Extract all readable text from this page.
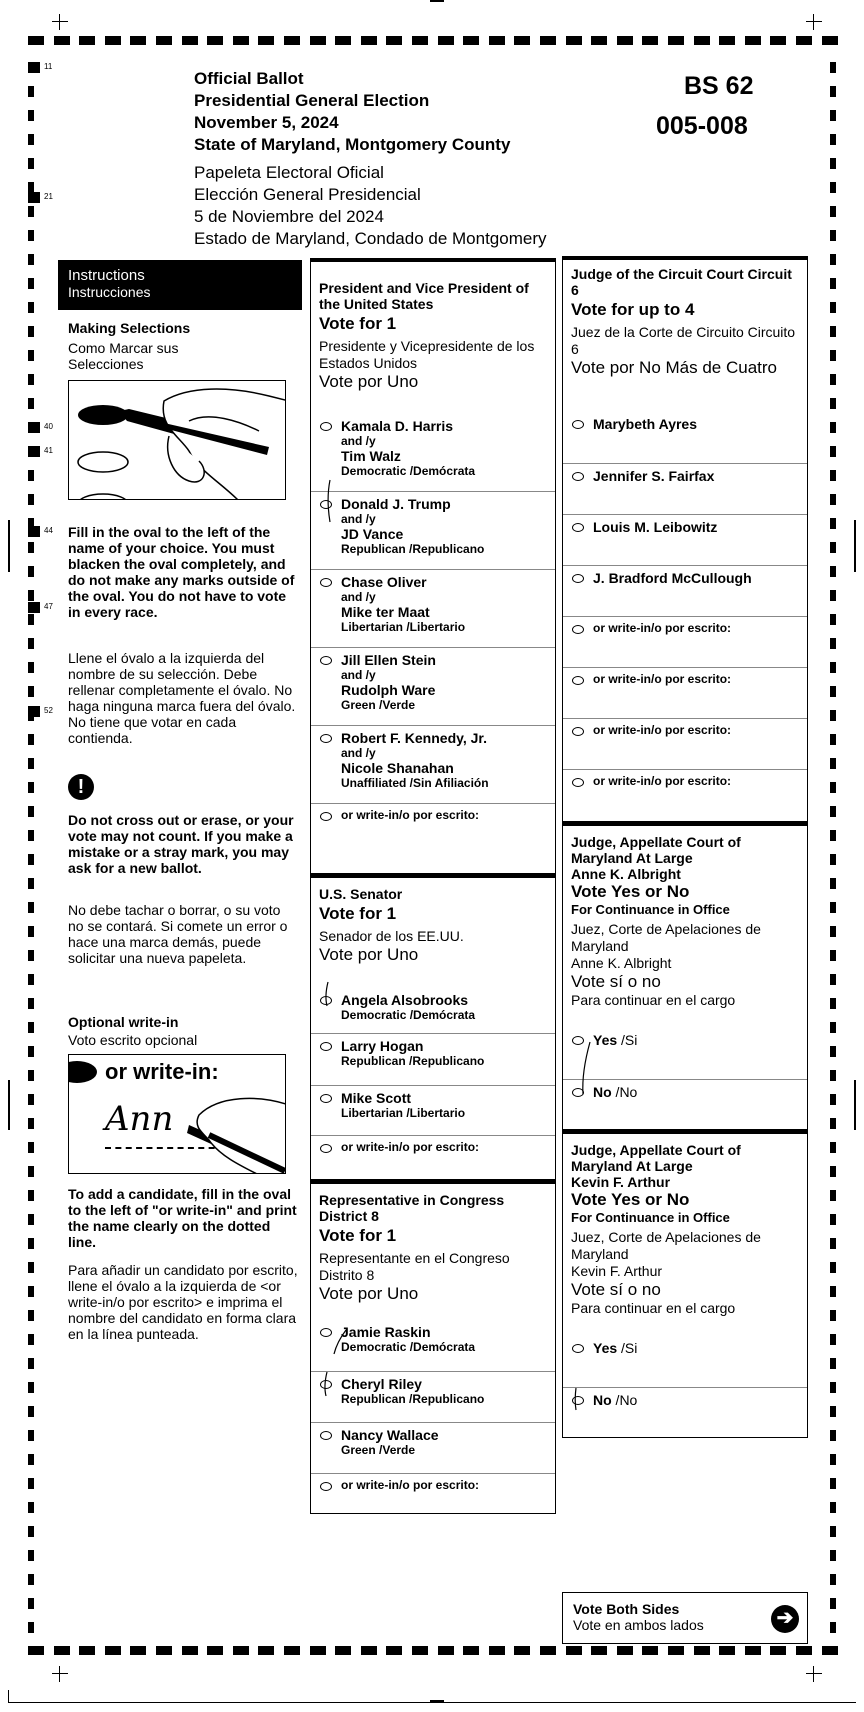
11
21
40
41
44
47
52
Official Ballot
Presidential General Election
November 5, 2024
State of Maryland, Montgomery County
Papeleta Electoral Oficial
Elección General Presidencial
5 de Noviembre del 2024
Estado de Maryland, Condado de Montgomery
BS 62
005-008
Instructions
Instrucciones
Making Selections
Como Marcar sus Selecciones
Fill in the oval to the left of the name of your choice. You must blacken the oval completely, and do not make any marks outside of the oval. You do not have to vote in every race.
Llene el óvalo a la izquierda del nombre de su selección. Debe rellenar completamente el óvalo. No haga ninguna marca fuera del óvalo. No tiene que votar en cada contienda.
!
Do not cross out or erase, or your vote may not count. If you make a mistake or a stray mark, you may ask for a new ballot.
No debe tachar o borrar, o su voto no se contará. Si comete un error o hace una marca demás, puede solicitar una nueva papeleta.
Optional write-in
Voto escrito opcional
or write-in:
Ann
To add a candidate, fill in the oval to the left of "or write-in" and print the name clearly on the dotted line.
Para añadir un candidato por escrito, llene el óvalo a la izquierda de <or write-in/o por escrito> e imprima el nombre del candidato en forma clara en la línea punteada.
President and Vice President of the United States
Vote for 1
Presidente y Vicepresidente de los Estados Unidos
Vote por Uno
Kamala D. Harris
and /y
Tim Walz
Democratic /Demócrata
Donald J. Trump
and /y
JD Vance
Republican /Republicano
Chase Oliver
and /y
Mike ter Maat
Libertarian /Libertario
Jill Ellen Stein
and /y
Rudolph Ware
Green /Verde
Robert F. Kennedy, Jr.
and /y
Nicole Shanahan
Unaffiliated /Sin Afiliación
or write-in/o por escrito:
U.S. Senator
Vote for 1
Senador de los EE.UU.
Vote por Uno
Angela Alsobrooks
Democratic /Demócrata
Larry Hogan
Republican /Republicano
Mike Scott
Libertarian /Libertario
or write-in/o por escrito:
Representative in Congress District 8
Vote for 1
Representante en el Congreso Distrito 8
Vote por Uno
Jamie Raskin
Democratic /Demócrata
Cheryl Riley
Republican /Republicano
Nancy Wallace
Green /Verde
or write-in/o por escrito:
Judge of the Circuit Court Circuit 6
Vote for up to 4
Juez de la Corte de Circuito Circuito 6
Vote por No Más de Cuatro
Marybeth Ayres
Jennifer S. Fairfax
Louis M. Leibowitz
J. Bradford McCullough
or write-in/o por escrito:
or write-in/o por escrito:
or write-in/o por escrito:
or write-in/o por escrito:
Judge, Appellate Court of Maryland At Large
Anne K. Albright
Vote Yes or No
For Continuance in Office
Juez, Corte de Apelaciones de Maryland
Anne K. Albright
Vote sí o no
Para continuar en el cargo
Yes /Si
No /No
Judge, Appellate Court of Maryland At Large
Kevin F. Arthur
Vote Yes or No
For Continuance in Office
Juez, Corte de Apelaciones de Maryland
Kevin F. Arthur
Vote sí o no
Para continuar en el cargo
Yes /Si
No /No
Vote Both Sides
Vote en ambos lados	➔
